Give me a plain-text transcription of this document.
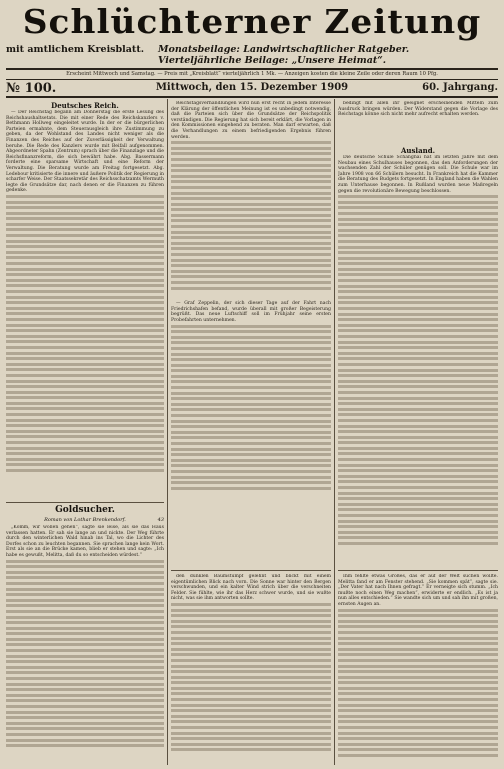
Schlüchterner Zeitung
mit amtlichem Kreisblatt. Monatsbeilage: Landwirtschaftlicher Ratgeber.
Vierteljährliche Beilage: „Unsere Heimat“.
Erscheint Mittwoch und Samstag. — Preis mit „Kreisblatt“ vierteljährlich 1 Mk. — Anzeigen kosten die kleine Zeile oder deren Raum 10 Pfg.
№ 100.	Mittwoch, den 15. Dezember 1909	60. Jahrgang.
Deutsches Reich.

— Der Reichstag begann am Donnerstag die erste Lesung des Reichshaushaltsetats. Die mit einer Rede des Reichskanzlers v. Bethmann Hollweg eingeleitet wurde. In der er die bürgerlichen Parteien ermahnte, dem Steuerausgleich ihre Zustimmung zu geben, da der Wohlstand des Landes nicht weniger als die Finanzen des Reiches auf der Zuverlässigkeit der Verwaltung beruhe. Die Rede des Kanzlers wurde mit Beifall aufgenommen. Abgeordneter Spahn (Zentrum) sprach über die Finanzlage und die Reichsfinanzreform, die sich bewährt habe. Abg. Bassermann forderte eine sparsame Wirtschaft und eine Reform der Verwaltung. Die Beratung wurde am Freitag fortgesetzt. Abg. Ledebour kritisierte die innere und äußere Politik der Regierung in scharfer Weise. Der Staatssekretär des Reichsschatzamts Wermuth legte die Grundsätze dar, nach denen er die Finanzen zu führen gedenke.

Goldsucher.
Roman von Lothar Brenkendorf.	43

„Komm, wir wollen gehen“, sagte sie leise, als sie das Haus verlassen hatten. Er sah sie lange an und nickte. Der Weg führte durch den winterlichen Wald hinab ins Tal, wo die Lichter des Dorfes schon zu leuchten begannen. Sie sprachen lange kein Wort. Erst als sie an die Brücke kamen, blieb er stehen und sagte: „Ich habe es gewußt, Melitta, daß du so entscheiden würdest.“

Reichstagsverhandlungen wird nun erst recht in jedem Interesse der Klärung der öffentlichen Meinung ist es unbedingt notwendig, daß die Parteien sich über die Grundsätze der Reichspolitik verständigen. Die Regierung hat sich bereit erklärt, die Vorlagen in den Kommissionen eingehend zu beraten. Man darf erwarten, daß die Verhandlungen zu einem befriedigenden Ergebnis führen werden.

— Graf Zeppelin, der sich dieser Tage auf der Fahrt nach Friedrichshafen befand, wurde überall mit großer Begeisterung begrüßt. Das neue Luftschiff soll im Frühjahr seine ersten Probefahrten unternehmen.

den dunklen Baumstumpf gelehnt und blickt mit einem eigentümlichen Blick nach vorn. Die Sonne war hinter den Bergen verschwunden, und ein kalter Wind strich über die verschneiten Felder. Sie fühlte, wie ihr das Herz schwer wurde, und sie wußte nicht, was sie ihm antworten sollte.

bedingt mit allen ihr geeignet erscheinenden Mitteln zum Ausdruck bringen würden. Der Widerstand gegen die Vorlage des Reichstags könne sich nicht mehr aufrecht erhalten werden.

Ausland.

Die deutsche Schule Schanghai hat im letzten Jahre mit dem Neubau eines Schulhauses begonnen, das den Anforderungen der wachsenden Zahl der Schüler genügen soll. Die Schule war im Jahre 1908 von 66 Schülern besucht. In Frankreich hat die Kammer die Beratung des Budgets fortgesetzt. In England haben die Wahlen zum Unterhause begonnen. In Rußland wurden neue Maßregeln gegen die revolutionäre Bewegung beschlossen.

Ihm fehlte etwas Großes, das er auf der Welt suchen wollte. Melitta fand er am Fenster stehend. „Sie kommen spät“, sagte sie. „Der Vater hat nach Ihnen gefragt.“ Er verneigte sich stumm. „Ich mußte noch einen Weg machen“, erwiderte er endlich. „Es ist ja nun alles entschieden.“ Sie wandte sich um und sah ihn mit großen, ernsten Augen an.
